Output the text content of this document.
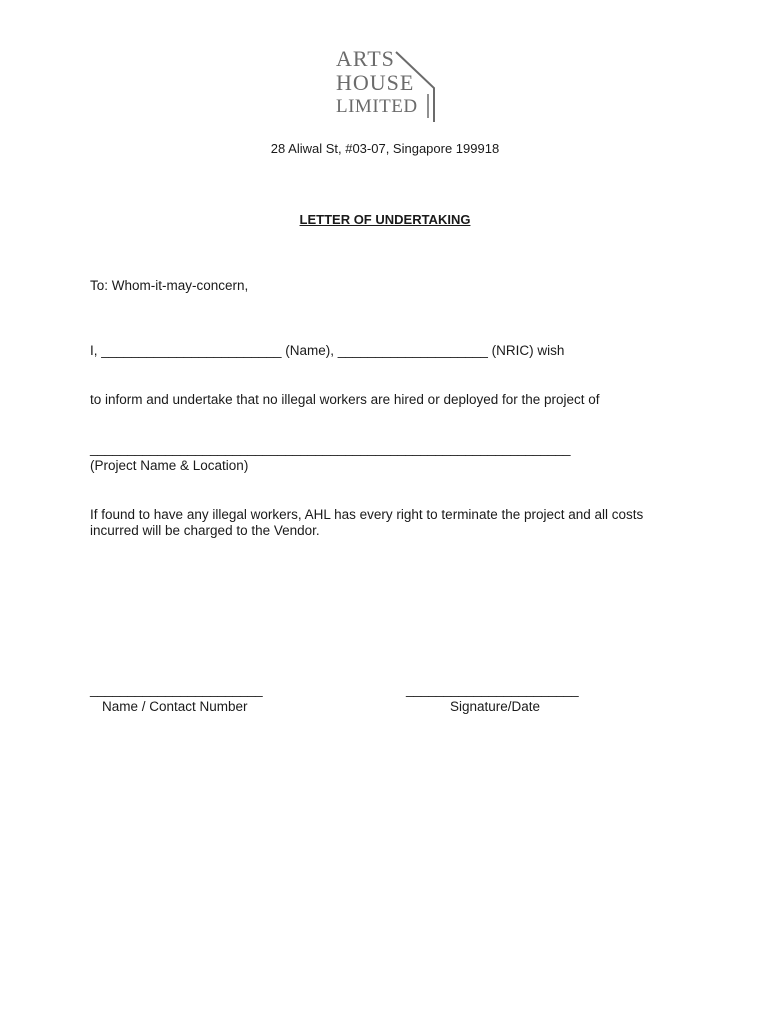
ARTS
HOUSE
LIMITED
28 Aliwal St, #03-07, Singapore 199918
LETTER OF UNDERTAKING
To: Whom-it-may-concern,
I, ________________________ (Name), ____________________ (NRIC) wish
to inform and undertake that no illegal workers are hired or deployed for the project of
________________________________________________________________
(Project Name & Location)
If found to have any illegal workers, AHL has every right to terminate the project and all costs
incurred will be charged to the Vendor.
_______________________
Name / Contact Number
_______________________
Signature/Date
